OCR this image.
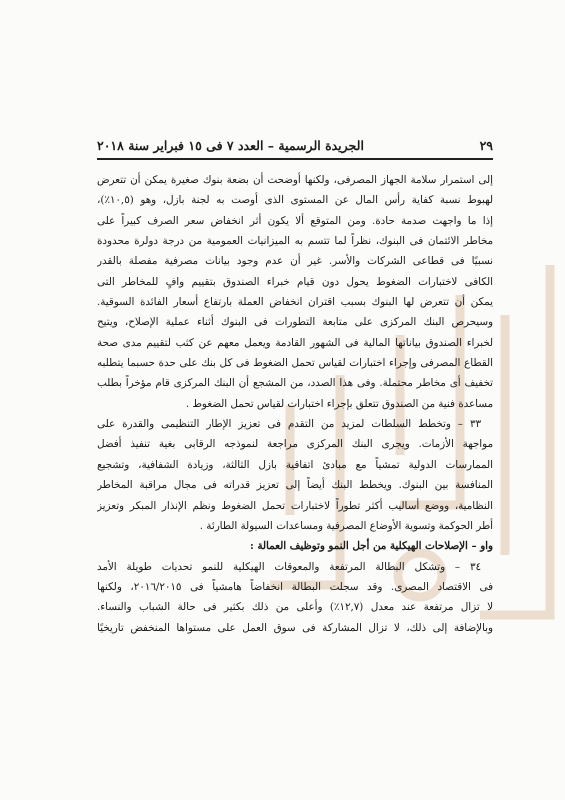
٢٩
الجريدة الرسمية – العدد ٧ فى ١٥ فبراير سنة ٢٠١٨
إلى استمرار سلامة الجهاز المصرفى، ولكنها أوضحت أن بضعة بنوك صغيرة يمكن أن تتعرض
لهبوط نسبة كفاية رأس المال عن المستوى الذى أوصت به لجنة بازل، وهو (١٠,٥٪)،
إذا ما واجهت صدمة حادة. ومن المتوقع ألا يكون أثر انخفاض سعر الصرف كبيراً على
مخاطر الائتمان فى البنوك، نظراً لما تتسم به الميزانيات العمومية من درجة دولرة محدودة
نسبيًا فى قطاعى الشركات والأسر. غير أن عدم وجود بيانات مصرفية مفصلة بالقدر
الكافى لاختبارات الضغوط يحول دون قيام خبراء الصندوق بتقييم وافٍ للمخاطر التى
يمكن أن تتعرض لها البنوك بسبب اقتران انخفاض العملة بارتفاع أسعار الفائدة السوقية.
وسيحرص البنك المركزى على متابعة التطورات فى البنوك أثناء عملية الإصلاح، ويتيح
لخبراء الصندوق بياناتها المالية فى الشهور القادمة ويعمل معهم عن كثب لتقييم مدى صحة
القطاع المصرفى وإجراء اختبارات لقياس تحمل الضغوط فى كل بنك على حدة حسبما يتطلبه
تخفيف أى مخاطر محتملة. وفى هذا الصدد، من المشجع أن البنك المركزى قام مؤخراً بطلب
مساعدة فنية من الصندوق تتعلق بإجراء اختبارات لقياس تحمل الضغوط .
٣٣ – وتخطط السلطات لمزيد من التقدم فى تعزيز الإطار التنظيمى والقدرة على
مواجهة الأزمات. ويجرى البنك المركزى مراجعة لنموذجه الرقابى بغية تنفيذ أفضل
الممارسات الدولية تمشياً مع مبادئ اتفاقية بازل الثالثة، وزيادة الشفافية، وتشجيع
المنافسة بين البنوك. ويخطط البنك أيضاً إلى تعزيز قدراته فى مجال مراقبة المخاطر
النظامية، ووضع أساليب أكثر تطوراً لاختبارات تحمل الضغوط ونظم الإنذار المبكر وتعزيز
أطر الحوكمة وتسوية الأوضاع المصرفية ومساعدات السيولة الطارئة .
واو – الإصلاحات الهيكلية من أجل النمو وتوظيف العمالة :
٣٤ – وتشكل البطالة المرتفعة والمعوقات الهيكلية للنمو تحديات طويلة الأمد
فى الاقتصاد المصرى. وقد سجلت البطالة انخفاضاً هامشياً فى ٢٠١٦/٢٠١٥، ولكنها
لا تزال مرتفعة عند معدل (١٢,٧٪) وأعلى من ذلك بكثير فى حالة الشباب والنساء.
وبالإضافة إلى ذلك، لا تزال المشاركة فى سوق العمل على مستواها المنخفض تاريخيًا
